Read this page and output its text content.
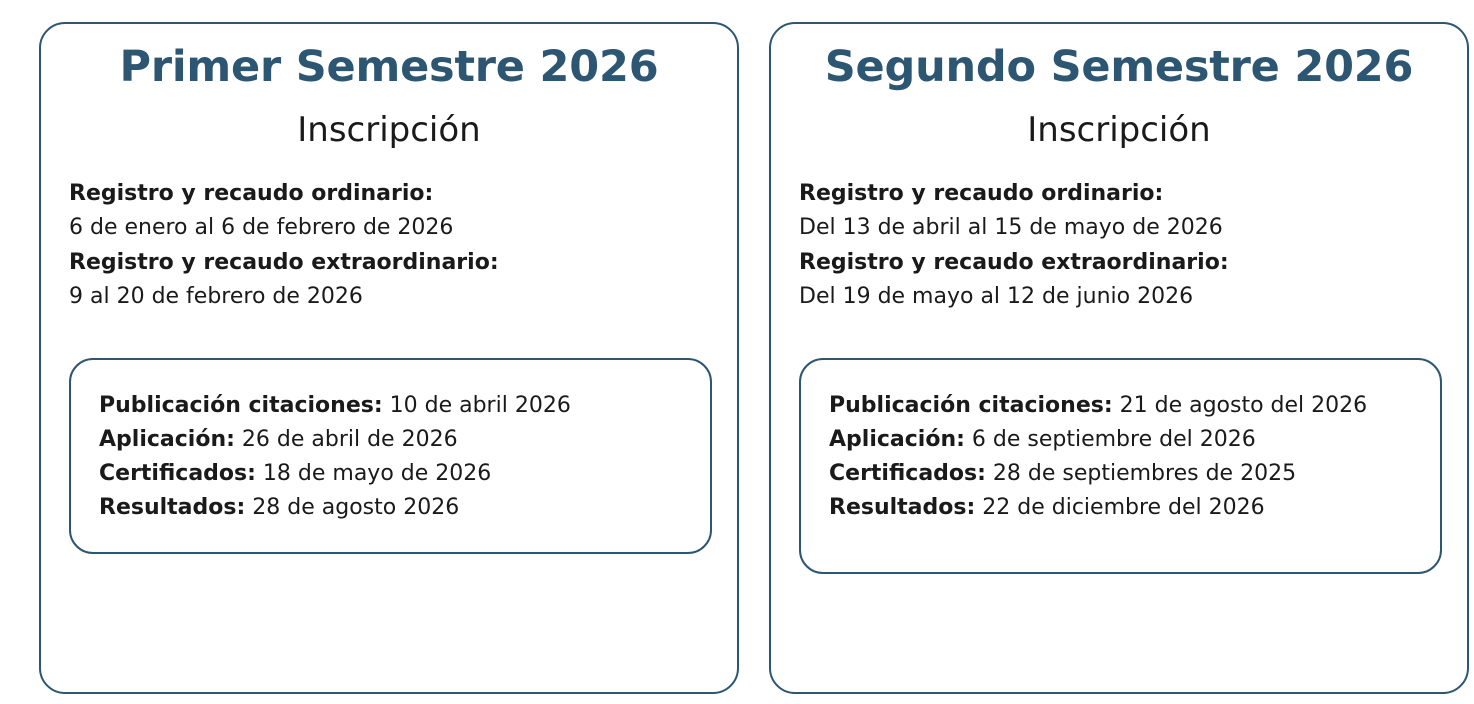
Primer Semestre 2026
Inscripción
Registro y recaudo ordinario:
6 de enero al 6 de febrero de 2026
Registro y recaudo extraordinario:
9 al 20 de febrero de 2026
Publicación citaciones: 10 de abril 2026
Aplicación: 26 de abril de 2026
Certificados: 18 de mayo de 2026
Resultados: 28 de agosto 2026
Segundo Semestre 2026
Inscripción
Registro y recaudo ordinario:
Del 13 de abril al 15 de mayo de 2026
Registro y recaudo extraordinario:
Del 19 de mayo al 12 de junio 2026
Publicación citaciones: 21 de agosto del 2026
Aplicación: 6 de septiembre del 2026
Certificados: 28 de septiembres de 2025
Resultados: 22 de diciembre del 2026
